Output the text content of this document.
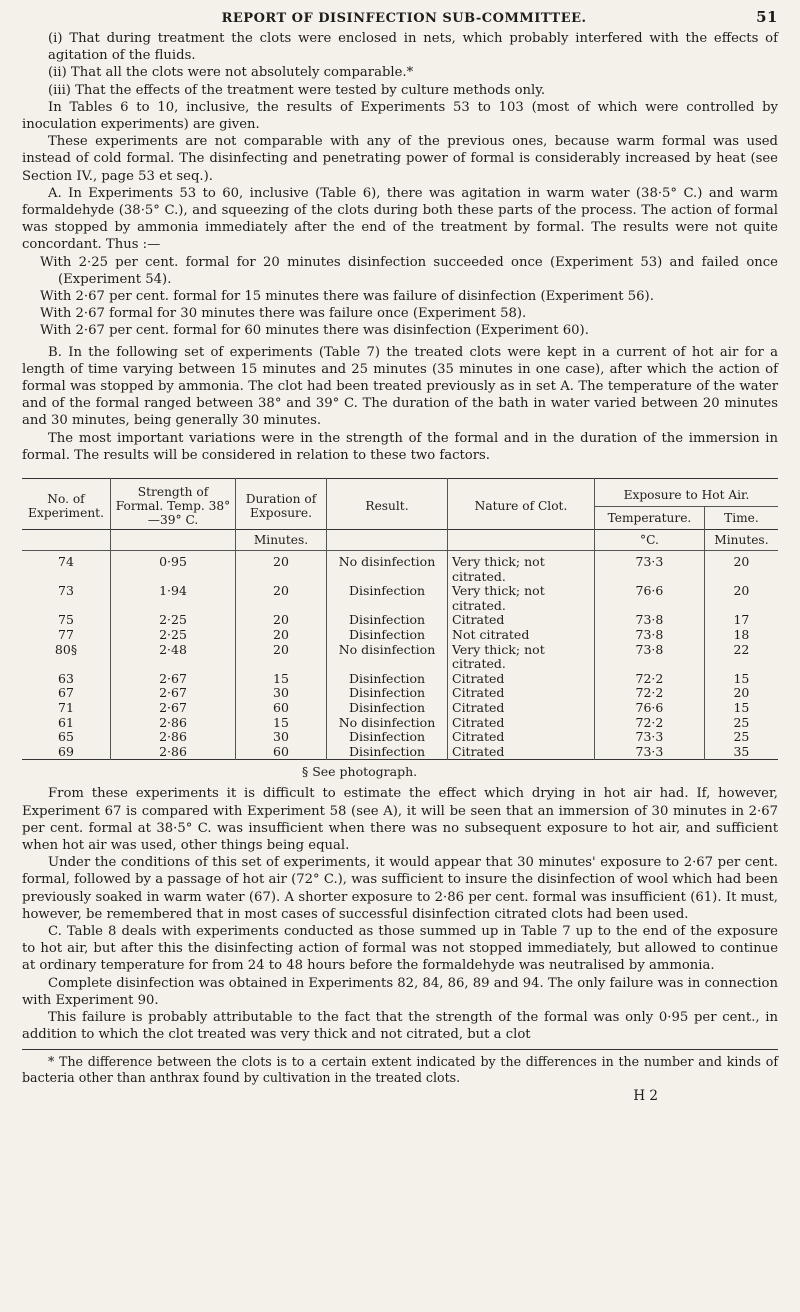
REPORT OF DISINFECTION SUB-COMMITTEE.	51

(i) That during treatment the clots were enclosed in nets, which probably interfered with the effects of agitation of the fluids.

(ii) That all the clots were not absolutely comparable.*

(iii) That the effects of the treatment were tested by culture methods only.

In Tables 6 to 10, inclusive, the results of Experiments 53 to 103 (most of which were controlled by inoculation experiments) are given.

These experiments are not comparable with any of the previous ones, because warm formal was used instead of cold formal. The disinfecting and penetrating power of formal is considerably increased by heat (see Section IV., page 53 et seq.).

A. In Experiments 53 to 60, inclusive (Table 6), there was agitation in warm water (38·5° C.) and warm formaldehyde (38·5° C.), and squeezing of the clots during both these parts of the process. The action of formal was stopped by ammonia immediately after the end of the treatment by formal. The results were not quite concordant. Thus :—

With 2·25 per cent. formal for 20 minutes disinfection succeeded once (Experiment 53) and failed once (Experiment 54).

With 2·67 per cent. formal for 15 minutes there was failure of disinfection (Experiment 56).

With 2·67 formal for 30 minutes there was failure once (Experiment 58).

With 2·67 per cent. formal for 60 minutes there was disinfection (Experiment 60).

B. In the following set of experiments (Table 7) the treated clots were kept in a current of hot air for a length of time varying between 15 minutes and 25 minutes (35 minutes in one case), after which the action of formal was stopped by ammonia. The clot had been treated previously as in set A. The temperature of the water and of the formal ranged between 38° and 39° C. The duration of the bath in water varied between 20 minutes and 30 minutes, being generally 30 minutes.

The most important variations were in the strength of the formal and in the duration of the immersion in formal. The results will be considered in relation to these two factors.

No. of Experiment.	Strength of Formal. Temp. 38°—39° C.	Duration of Exposure.	Result.	Nature of Clot.	Exposure to Hot Air.	
					Temperature.	Time.
		Minutes.			°C.	Minutes.
74	0·95	20	No disinfection	Very thick; not citrated.	73·3	20
73	1·94	20	Disinfection	Very thick; not citrated.	76·6	20
75	2·25	20	Disinfection	Citrated	73·8	17
77	2·25	20	Disinfection	Not citrated	73·8	18
80§	2·48	20	No disinfection	Very thick; not citrated.	73·8	22
63	2·67	15	Disinfection	Citrated	72·2	15
67	2·67	30	Disinfection	Citrated	72·2	20
71	2·67	60	Disinfection	Citrated	76·6	15
61	2·86	15	No disinfection	Citrated	72·2	25
65	2·86	30	Disinfection	Citrated	73·3	25
69	2·86	60	Disinfection	Citrated	73·3	35
§ See photograph.

From these experiments it is difficult to estimate the effect which drying in hot air had. If, however, Experiment 67 is compared with Experiment 58 (see A), it will be seen that an immersion of 30 minutes in 2·67 per cent. formal at 38·5° C. was insufficient when there was no subsequent exposure to hot air, and sufficient when hot air was used, other things being equal.

Under the conditions of this set of experiments, it would appear that 30 minutes' exposure to 2·67 per cent. formal, followed by a passage of hot air (72° C.), was sufficient to insure the disinfection of wool which had been previously soaked in warm water (67). A shorter exposure to 2·86 per cent. formal was insufficient (61). It must, however, be remembered that in most cases of successful disinfection citrated clots had been used.

C. Table 8 deals with experiments conducted as those summed up in Table 7 up to the end of the exposure to hot air, but after this the disinfecting action of formal was not stopped immediately, but allowed to continue at ordinary temperature for from 24 to 48 hours before the formaldehyde was neutralised by ammonia.

Complete disinfection was obtained in Experiments 82, 84, 86, 89 and 94. The only failure was in connection with Experiment 90.

This failure is probably attributable to the fact that the strength of the formal was only 0·95 per cent., in addition to which the clot treated was very thick and not citrated, but a clot

* The difference between the clots is to a certain extent indicated by the differences in the number and kinds of bacteria other than anthrax found by cultivation in the treated clots.

H 2
